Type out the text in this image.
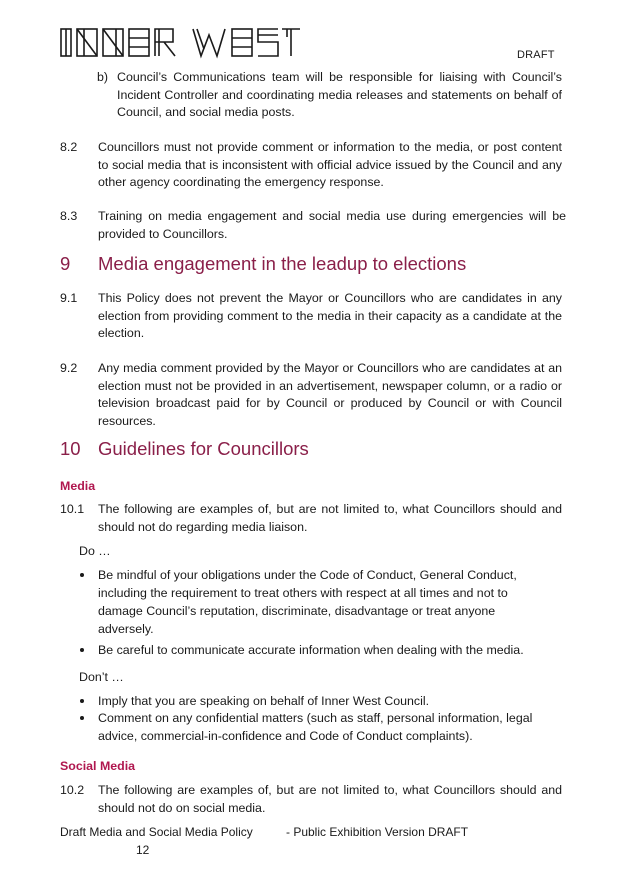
DRAFT
b) Council’s Communications team will be responsible for liaising with Council’s Incident Controller and coordinating media releases and statements on behalf of Council, and social media posts.
8.2 Councillors must not provide comment or information to the media, or post content to social media that is inconsistent with official advice issued by the Council and any other agency coordinating the emergency response.
8.3 Training on media engagement and social media use during emergencies will be provided to Councillors.
9 Media engagement in the leadup to elections
9.1 This Policy does not prevent the Mayor or Councillors who are candidates in any election from providing comment to the media in their capacity as a candidate at the election.
9.2 Any media comment provided by the Mayor or Councillors who are candidates at an election must not be provided in an advertisement, newspaper column, or a radio or television broadcast paid for by Council or produced by Council or with Council resources.
10 Guidelines for Councillors
Media
10.1 The following are examples of, but are not limited to, what Councillors should and should not do regarding media liaison.
Do …
Be mindful of your obligations under the Code of Conduct, General Conduct, including the requirement to treat others with respect at all times and not to damage Council’s reputation, discriminate, disadvantage or treat anyone adversely.
Be careful to communicate accurate information when dealing with the media.
Don’t …
Imply that you are speaking on behalf of Inner West Council.
Comment on any confidential matters (such as staff, personal information, legal advice, commercial-in-confidence and Code of Conduct complaints).
Social Media
10.2 The following are examples of, but are not limited to, what Councillors should and should not do on social media.
Draft Media and Social Media Policy	- Public Exhibition Version DRAFT
12
